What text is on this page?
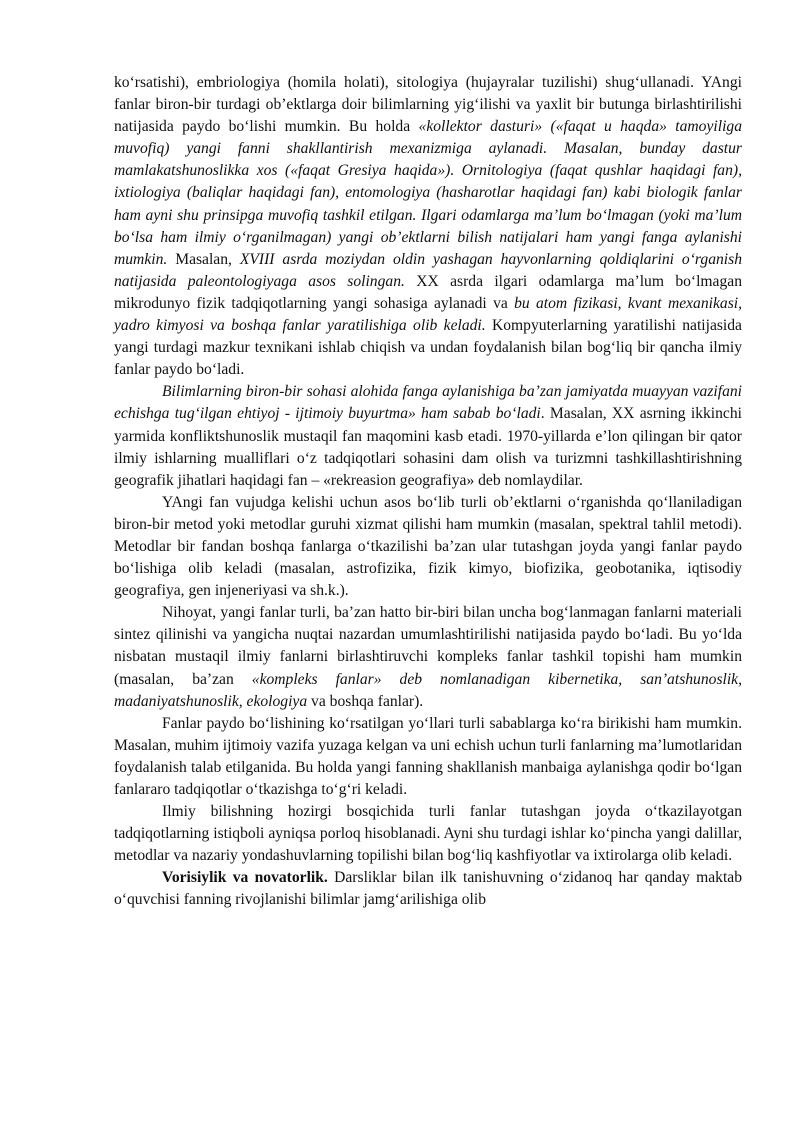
ko‘rsatishi), embriologiya (homila holati), sitologiya (hujayralar tuzilishi) shug‘ullanadi. YAngi fanlar biron-bir turdagi ob’ektlarga doir bilimlarning yig‘ilishi va yaxlit bir butunga birlashtirilishi natijasida paydo bo‘lishi mumkin. Bu holda «kollektor dasturi» («faqat u haqda» tamoyiliga muvofiq) yangi fanni shakllantirish mexanizmiga aylanadi. Masalan, bunday dastur mamlakatshunoslikka xos («faqat Gresiya haqida»). Ornitologiya (faqat qushlar haqidagi fan), ixtiologiya (baliqlar haqidagi fan), entomologiya (hasharotlar haqidagi fan) kabi biologik fanlar ham ayni shu prinsipga muvofiq tashkil etilgan. Ilgari odamlarga ma’lum bo‘lmagan (yoki ma’lum bo‘lsa ham ilmiy o‘rganilmagan) yangi ob’ektlarni bilish natijalari ham yangi fanga aylanishi mumkin. Masalan, XVIII asrda moziydan oldin yashagan hayvonlarning qoldiqlarini o‘rganish natijasida paleontologiyaga asos solingan. XX asrda ilgari odamlarga ma’lum bo‘lmagan mikrodunyo fizik tadqiqotlarning yangi sohasiga aylanadi va bu atom fizikasi, kvant mexanikasi, yadro kimyosi va boshqa fanlar yaratilishiga olib keladi. Kompyuterlarning yaratilishi natijasida yangi turdagi mazkur texnikani ishlab chiqish va undan foydalanish bilan bog‘liq bir qancha ilmiy fanlar paydo bo‘ladi.

Bilimlarning biron-bir sohasi alohida fanga aylanishiga ba’zan jamiyatda muayyan vazifani echishga tug‘ilgan ehtiyoj - ijtimoiy buyurtma» ham sabab bo‘ladi. Masalan, XX asrning ikkinchi yarmida konfliktshunoslik mustaqil fan maqomini kasb etadi. 1970-yillarda e’lon qilingan bir qator ilmiy ishlarning mualliflari o‘z tadqiqotlari sohasini dam olish va turizmni tashkillashtirishning geografik jihatlari haqidagi fan – «rekreasion geografiya» deb nomlaydilar.

YAngi fan vujudga kelishi uchun asos bo‘lib turli ob’ektlarni o‘rganishda qo‘llaniladigan biron-bir metod yoki metodlar guruhi xizmat qilishi ham mumkin (masalan, spektral tahlil metodi). Metodlar bir fandan boshqa fanlarga o‘tkazilishi ba’zan ular tutashgan joyda yangi fanlar paydo bo‘lishiga olib keladi (masalan, astrofizika, fizik kimyo, biofizika, geobotanika, iqtisodiy geografiya, gen injeneriyasi va sh.k.).

Nihoyat, yangi fanlar turli, ba’zan hatto bir-biri bilan uncha bog‘lanmagan fanlarni materiali sintez qilinishi va yangicha nuqtai nazardan umumlashtirilishi natijasida paydo bo‘ladi. Bu yo‘lda nisbatan mustaqil ilmiy fanlarni birlashtiruvchi kompleks fanlar tashkil topishi ham mumkin (masalan, ba’zan «kompleks fanlar» deb nomlanadigan kibernetika, san’atshunoslik, madaniyatshunoslik, ekologiya va boshqa fanlar).

Fanlar paydo bo‘lishining ko‘rsatilgan yo‘llari turli sabablarga ko‘ra birikishi ham mumkin. Masalan, muhim ijtimoiy vazifa yuzaga kelgan va uni echish uchun turli fanlarning ma’lumotlaridan foydalanish talab etilganida. Bu holda yangi fanning shakllanish manbaiga aylanishga qodir bo‘lgan fanlararo tadqiqotlar o‘tkazishga to‘g‘ri keladi.

Ilmiy bilishning hozirgi bosqichida turli fanlar tutashgan joyda o‘tkazilayotgan tadqiqotlarning istiqboli ayniqsa porloq hisoblanadi. Ayni shu turdagi ishlar ko‘pincha yangi dalillar, metodlar va nazariy yondashuvlarning topilishi bilan bog‘liq kashfiyotlar va ixtirolarga olib keladi.

Vorisiylik va novatorlik. Darsliklar bilan ilk tanishuvning o‘zidanoq har qanday maktab o‘quvchisi fanning rivojlanishi bilimlar jamg‘arilishiga olib
